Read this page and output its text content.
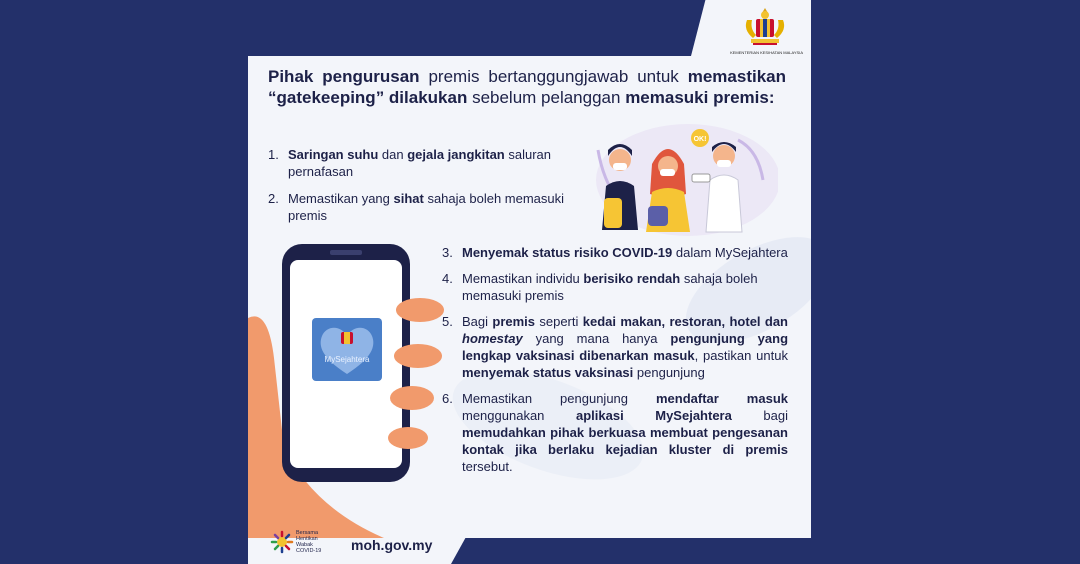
KEMENTERIAN KESIHATAN MALAYSIA
Pihak pengurusan premis bertanggungjawab untuk memastikan “gatekeeping” dilakukan sebelum pelanggan memasuki premis:
1. Saringan suhu dan gejala jangkitan saluran pernafasan
2. Memastikan yang sihat sahaja boleh memasuki premis
OK!
MySejahtera
3. Menyemak status risiko COVID-19 dalam MySejahtera
4. Memastikan individu berisiko rendah sahaja boleh memasuki premis
5. Bagi premis seperti kedai makan, restoran, hotel dan homestay yang mana hanya pengunjung yang lengkap vaksinasi dibenarkan masuk, pastikan untuk menyemak status vaksinasi pengunjung
6. Memastikan pengunjung mendaftar masuk menggunakan aplikasi MySejahtera bagi memudahkan pihak berkuasa membuat pengesanan kontak jika berlaku kejadian kluster di premis tersebut.
Bersama
Hentikan
Wabak
COVID-19	moh.gov.my
